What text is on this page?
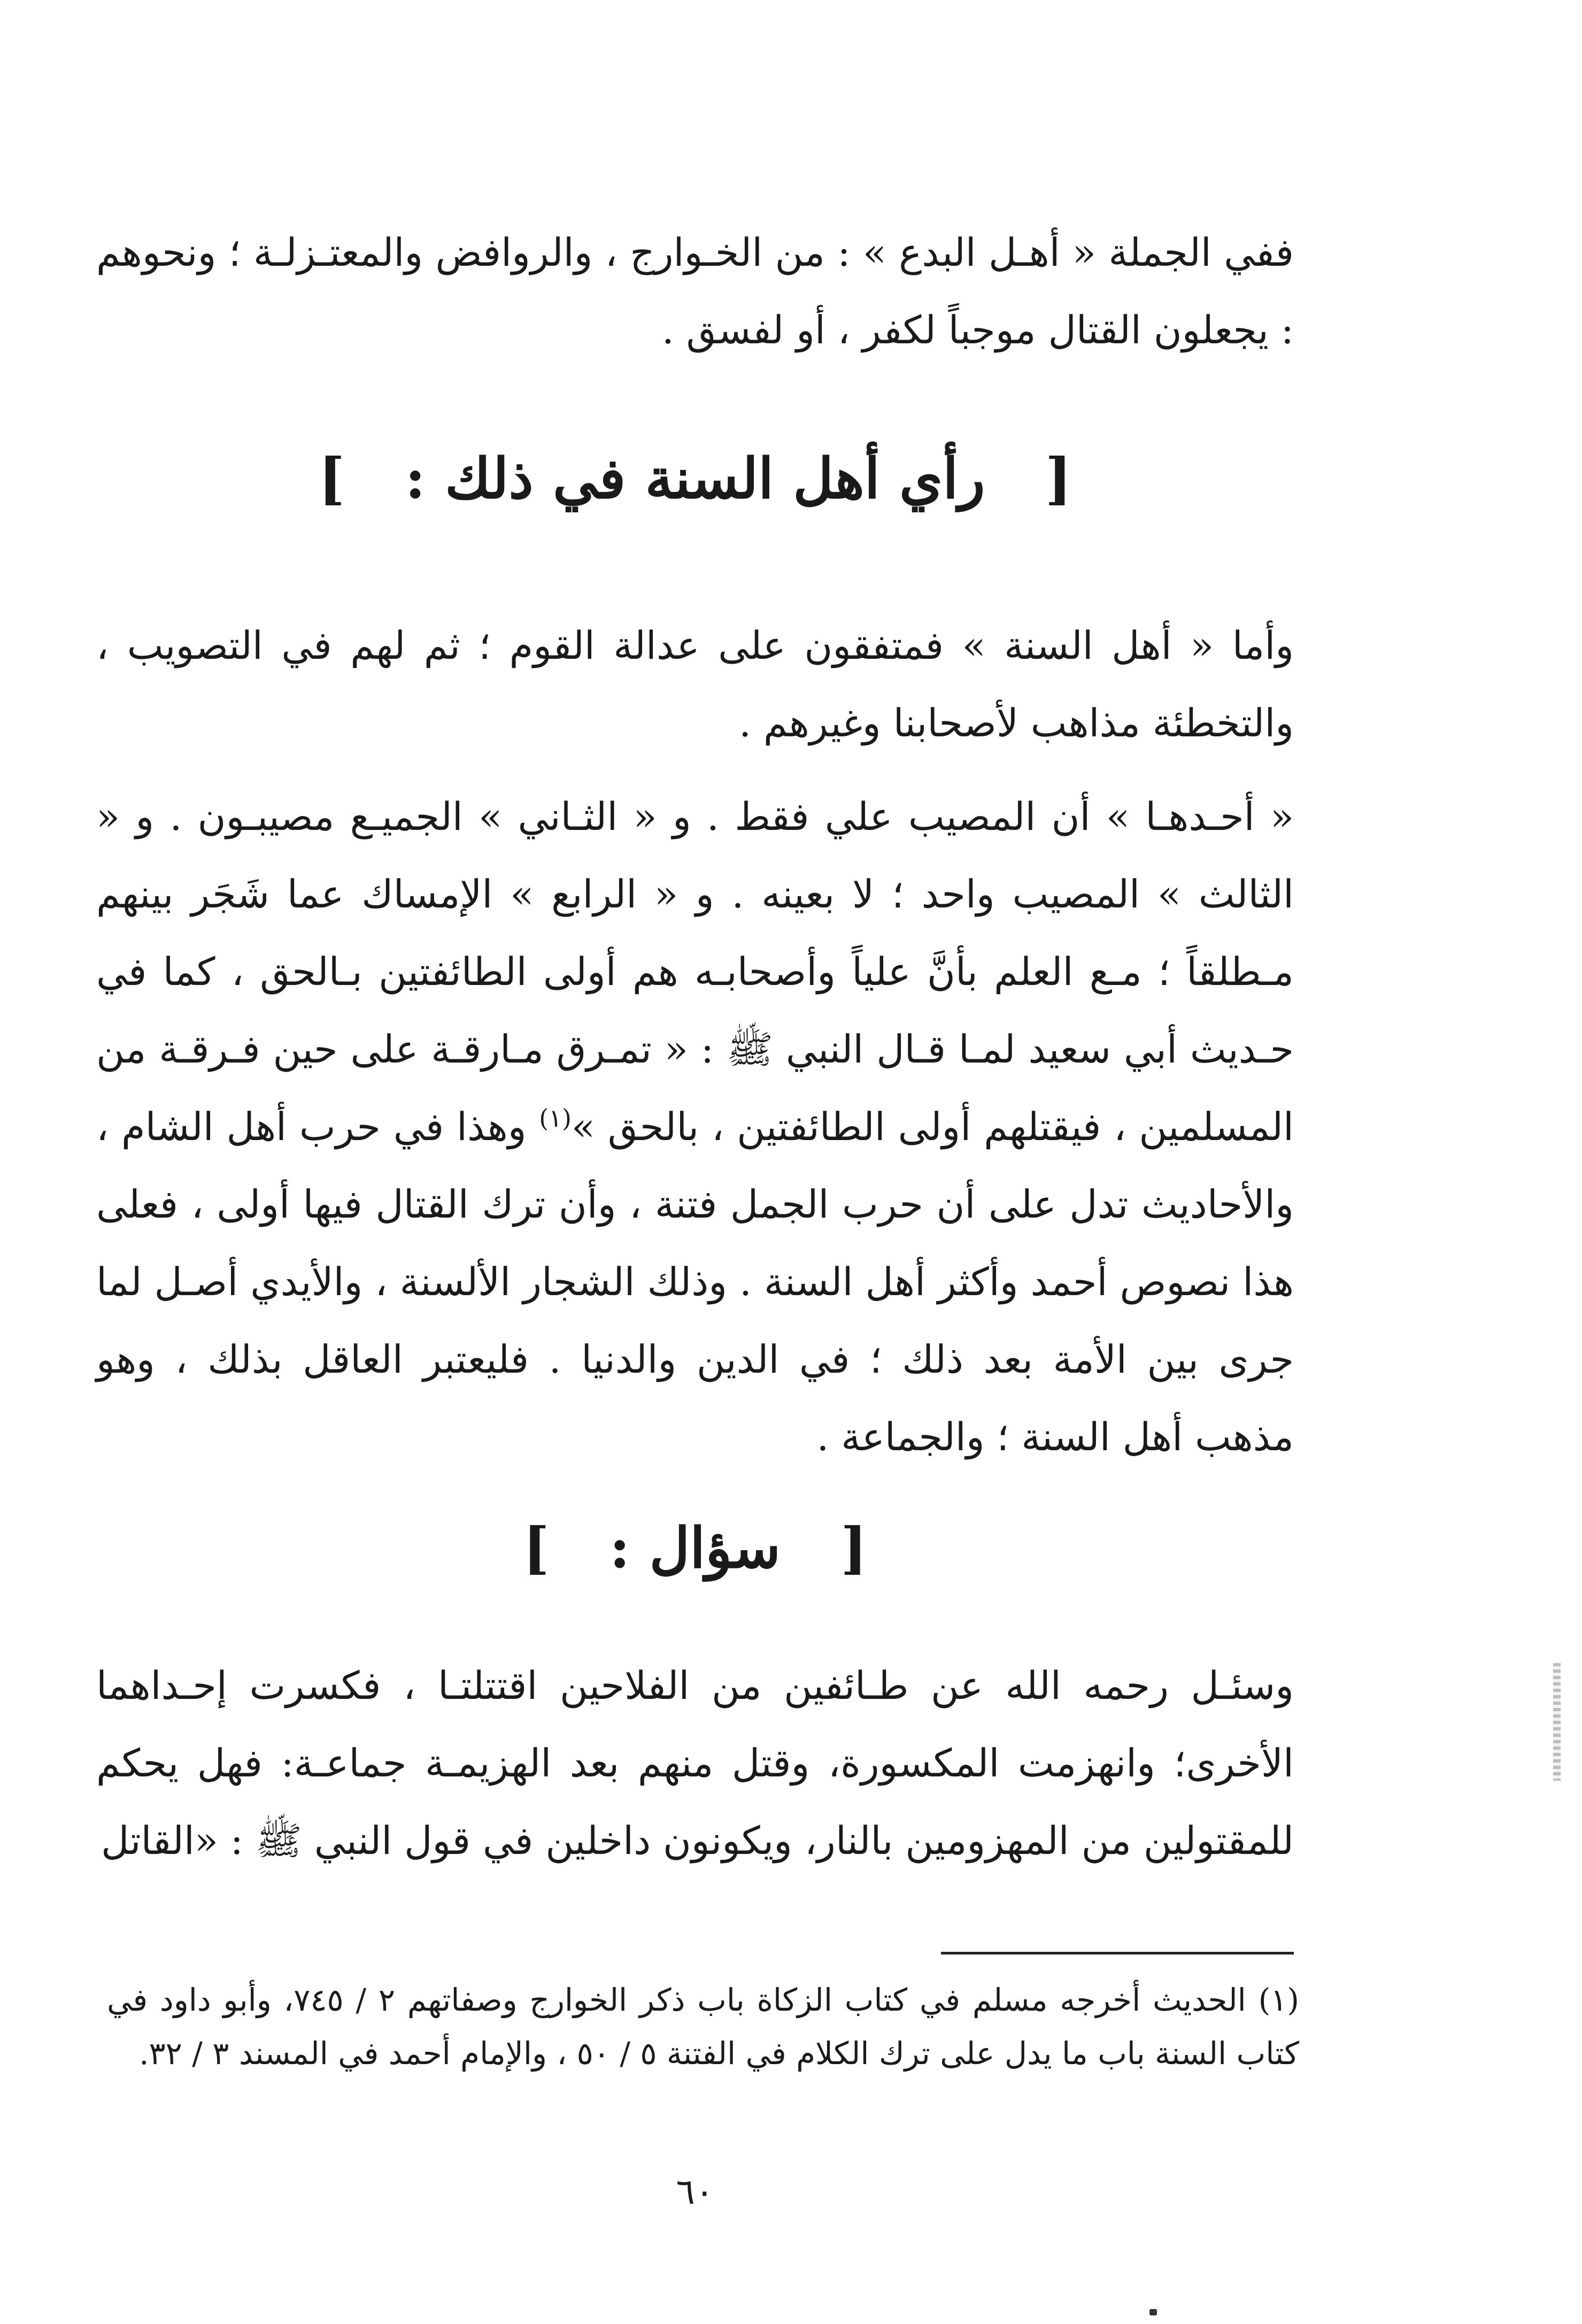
ففي الجملة « أهـل البدع » : من الخـوارج ، والروافض والمعتـزلـة ؛ ونحوهم : يجعلون القتال موجباً لكفر ، أو لفسق .

[  رأي أهل السنة في ذلك :  ]

وأما « أهل السنة » فمتفقون على عدالة القوم ؛ ثم لهم في التصويب ، والتخطئة مذاهب لأصحابنا وغيرهم .

« أحـدهـا » أن المصيب علي فقط . و « الثـاني » الجميـع مصيبـون . و « الثالث » المصيب واحد ؛ لا بعينه . و « الرابع » الإمساك عما شَجَر بينهم مـطلقاً ؛ مـع العلم بأنَّ علياً وأصحابـه هم أولى الطائفتين بـالحق ، كما في حـديث أبي سعيد لمـا قـال النبي ﷺ : « تمـرق مـارقـة على حين فـرقـة من المسلمين ، فيقتلهم أولى الطائفتين ، بالحق »$^{(١)}$ وهذا في حرب أهل الشام ، والأحاديث تدل على أن حرب الجمل فتنة ، وأن ترك القتال فيها أولى ، فعلى هذا نصوص أحمد وأكثر أهل السنة . وذلك الشجار الألسنة ، والأيدي أصـل لما جرى بين الأمة بعد ذلك ؛ في الدين والدنيا . فليعتبر العاقل بذلك ، وهو مذهب أهل السنة ؛ والجماعة .

[  سؤال :  ]

وسئـل رحمه الله عن طـائفين من الفلاحين اقتتلتـا ، فكسرت إحـداهما الأخرى؛ وانهزمت المكسورة، وقتل منهم بعد الهزيمـة جماعـة: فهل يحكم للمقتولين من المهزومين بالنار، ويكونون داخلين في قول النبي ﷺ : «القاتل

(١) الحديث أخرجه مسلم في كتاب الزكاة باب ذكر الخوارج وصفاتهم ٢ / ٧٤٥، وأبو داود في كتاب السنة باب ما يدل على ترك الكلام في الفتنة ٥ / ٥٠ ، والإمام أحمد في المسند ٣ / ٣٢.

٦٠
